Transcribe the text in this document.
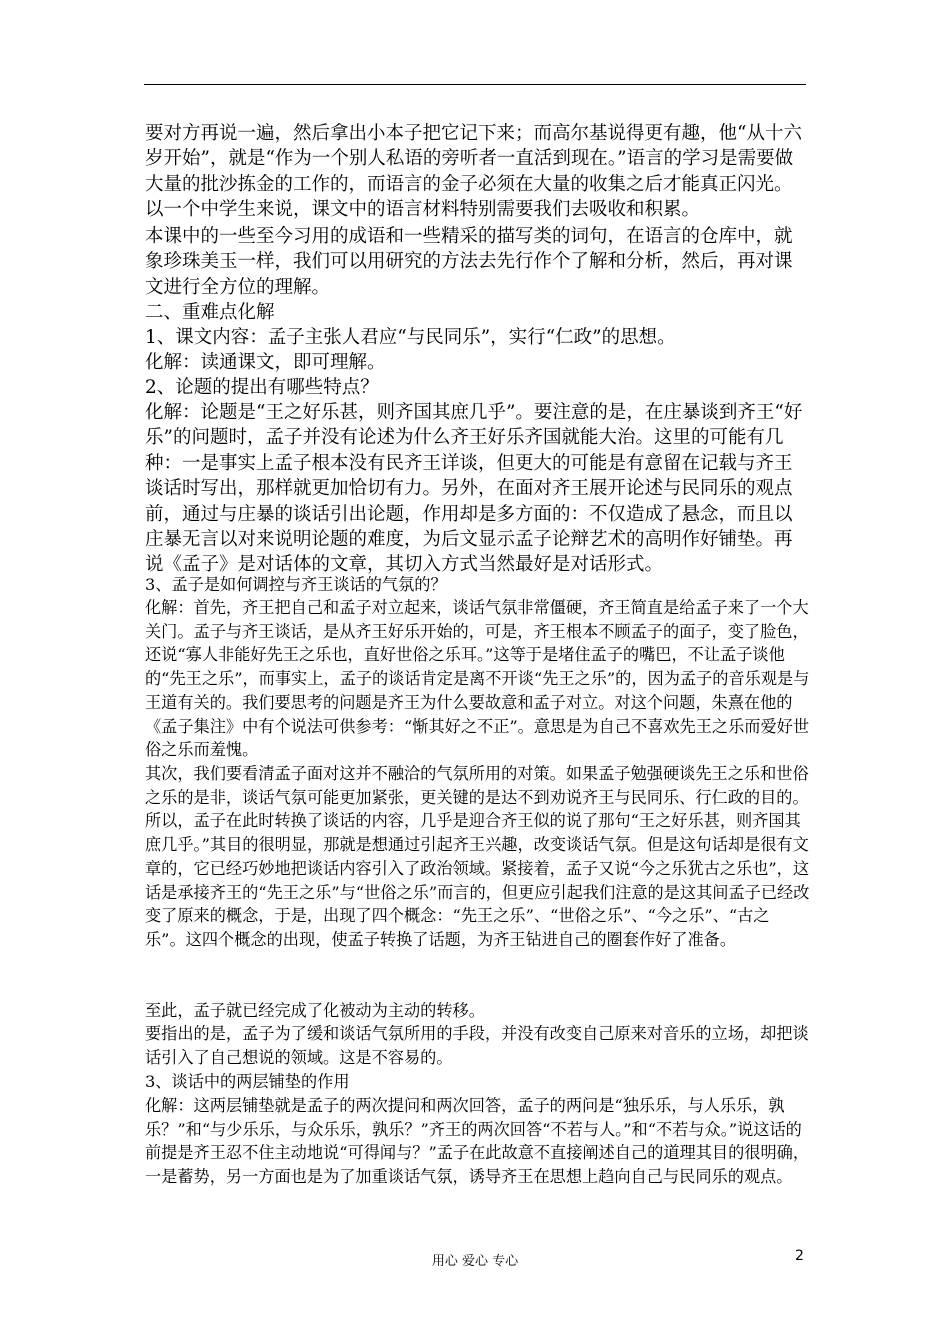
要对方再说一遍，然后拿出小本子把它记下来；而高尔基说得更有趣，他“从十六岁开始”，就是“作为一个别人私语的旁听者一直活到现在。”语言的学习是需要做大量的批沙拣金的工作的，而语言的金子必须在大量的收集之后才能真正闪光。以一个中学生来说，课文中的语言材料特别需要我们去吸收和积累。

本课中的一些至今习用的成语和一些精采的描写类的词句，在语言的仓库中，就象珍珠美玉一样，我们可以用研究的方法去先行作个了解和分析，然后，再对课文进行全方位的理解。

二、重难点化解

1、课文内容：孟子主张人君应“与民同乐”，实行“仁政”的思想。

化解：读通课文，即可理解。

2、论题的提出有哪些特点？

化解：论题是“王之好乐甚，则齐国其庶几乎”。要注意的是，在庄暴谈到齐王“好乐”的问题时，孟子并没有论述为什么齐王好乐齐国就能大治。这里的可能有几种：一是事实上孟子根本没有民齐王详谈，但更大的可能是有意留在记载与齐王谈话时写出，那样就更加恰切有力。另外，在面对齐王展开论述与民同乐的观点前，通过与庄暴的谈话引出论题，作用却是多方面的：不仅造成了悬念，而且以庄暴无言以对来说明论题的难度，为后文显示孟子论辩艺术的高明作好铺垫。再说《孟子》是对话体的文章，其切入方式当然最好是对话形式。

3、孟子是如何调控与齐王谈话的气氛的？

化解：首先，齐王把自己和孟子对立起来，谈话气氛非常僵硬，齐王简直是给孟子来了一个大关门。孟子与齐王谈话，是从齐王好乐开始的，可是，齐王根本不顾孟子的面子，变了脸色，还说“寡人非能好先王之乐也，直好世俗之乐耳。”这等于是堵住孟子的嘴巴，不让孟子谈他的“先王之乐”，而事实上，孟子的谈话肯定是离不开谈“先王之乐”的，因为孟子的音乐观是与王道有关的。我们要思考的问题是齐王为什么要故意和孟子对立。对这个问题，朱熹在他的《孟子集注》中有个说法可供参考：“惭其好之不正”。意思是为自己不喜欢先王之乐而爱好世俗之乐而羞愧。

其次，我们要看清孟子面对这并不融洽的气氛所用的对策。如果孟子勉强硬谈先王之乐和世俗之乐的是非，谈话气氛可能更加紧张，更关键的是达不到劝说齐王与民同乐、行仁政的目的。所以，孟子在此时转换了谈话的内容，几乎是迎合齐王似的说了那句“王之好乐甚，则齐国其庶几乎。”其目的很明显，那就是想通过引起齐王兴趣，改变谈话气氛。但是这句话却是很有文章的，它已经巧妙地把谈话内容引入了政治领域。紧接着，孟子又说“今之乐犹古之乐也”，这话是承接齐王的“先王之乐”与“世俗之乐”而言的，但更应引起我们注意的是这其间孟子已经改变了原来的概念，于是，出现了四个概念：“先王之乐”、“世俗之乐”、“今之乐”、“古之乐”。这四个概念的出现，使孟子转换了话题，为齐王钻进自己的圈套作好了准备。

至此，孟子就已经完成了化被动为主动的转移。

要指出的是，孟子为了缓和谈话气氛所用的手段，并没有改变自己原来对音乐的立场，却把谈话引入了自己想说的领域。这是不容易的。

3、谈话中的两层铺垫的作用

化解：这两层铺垫就是孟子的两次提问和两次回答，孟子的两问是“独乐乐，与人乐乐，孰乐？”和“与少乐乐，与众乐乐，孰乐？”齐王的两次回答“不若与人。”和“不若与众。”说这话的前提是齐王忍不住主动地说“可得闻与？”孟子在此故意不直接阐述自己的道理其目的很明确，一是蓄势，另一方面也是为了加重谈话气氛，诱导齐王在思想上趋向自己与民同乐的观点。

用心 爱心 专心	2
